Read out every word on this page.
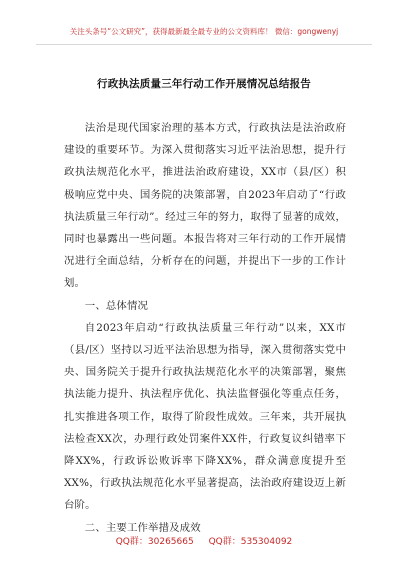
关注头条号“公文研究”，获得最新最全最专业的公文资料库！ 微信：gongwenyj
行政执法质量三年行动工作开展情况总结报告

法治是现代国家治理的基本方式，行政执法是法治政府建设的重要环节。为深入贯彻落实习近平法治思想，提升行政执法规范化水平，推进法治政府建设，XX市（县/区）积极响应党中央、国务院的决策部署，自2023年启动了“行政执法质量三年行动”。经过三年的努力，取得了显著的成效，同时也暴露出一些问题。本报告将对三年行动的工作开展情况进行全面总结，分析存在的问题，并提出下一步的工作计划。

一、总体情况

自2023年启动“行政执法质量三年行动”以来，XX市（县/区）坚持以习近平法治思想为指导，深入贯彻落实党中央、国务院关于提升行政执法规范化水平的决策部署，聚焦执法能力提升、执法程序优化、执法监督强化等重点任务，扎实推进各项工作，取得了阶段性成效。三年来，共开展执法检查XX次，办理行政处罚案件XX件，行政复议纠错率下降XX%，行政诉讼败诉率下降XX%，群众满意度提升至XX%，行政执法规范化水平显著提高，法治政府建设迈上新台阶。

二、主要工作举措及成效

QQ群：30265665 QQ群：535304092
